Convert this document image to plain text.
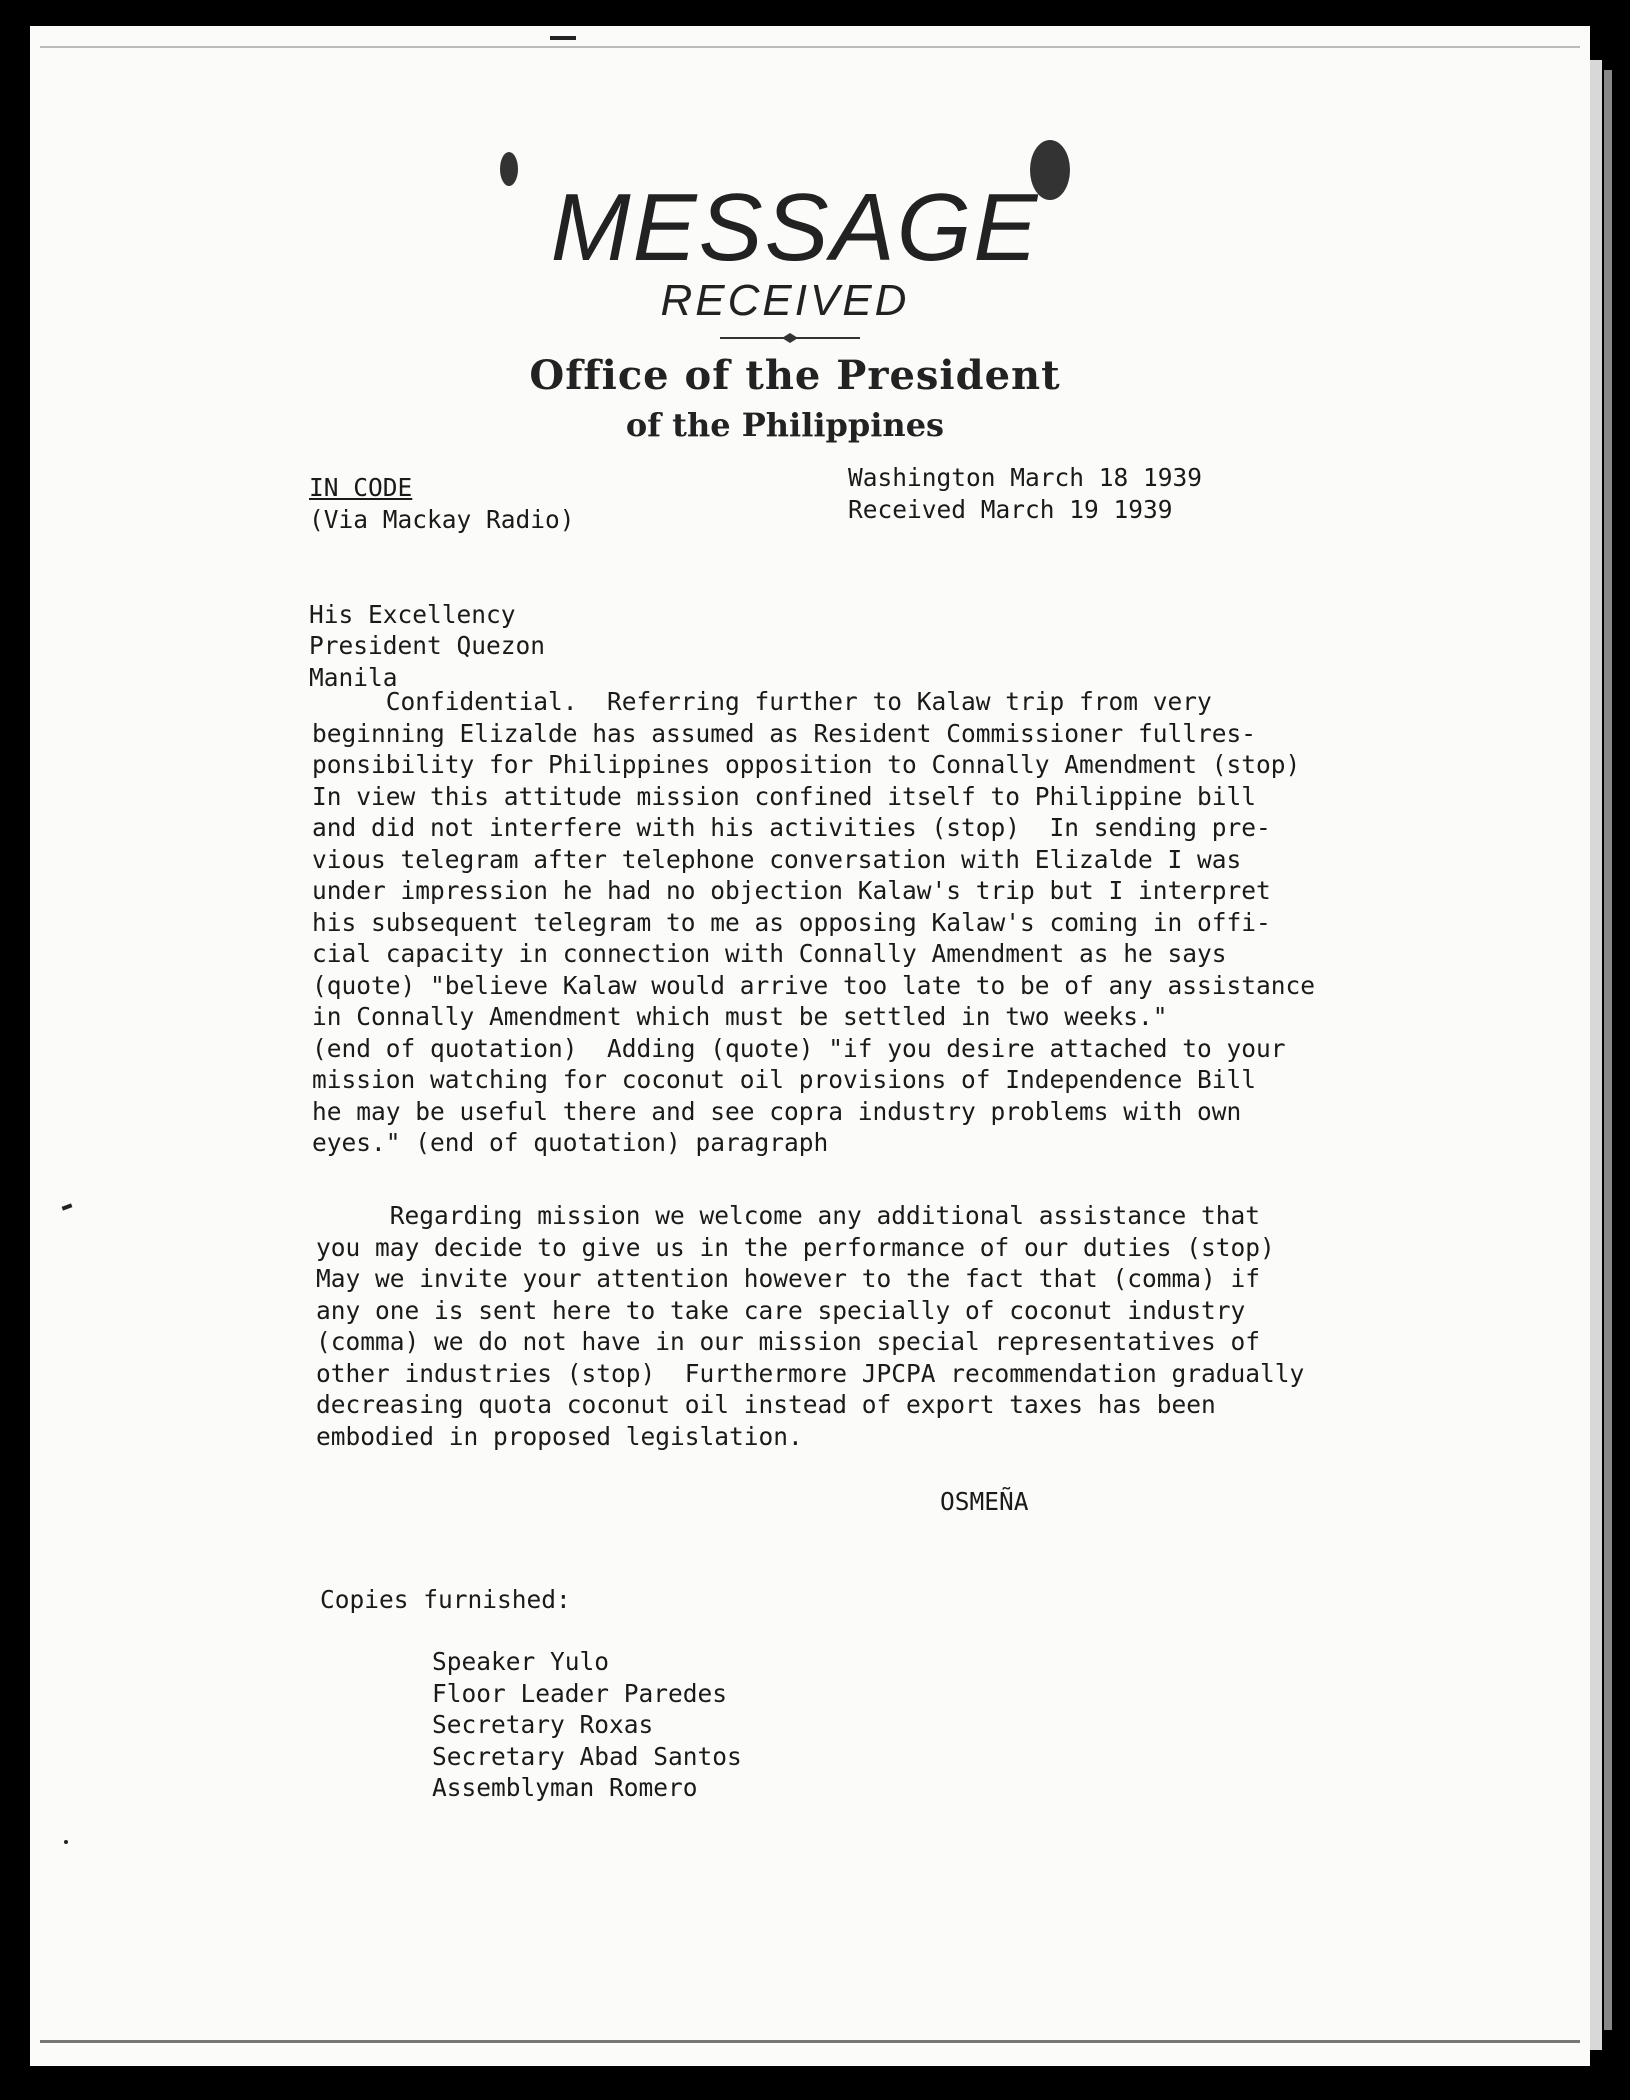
MESSAGE
RECEIVED
Office of the President
of the Philippines
IN CODE
(Via Mackay Radio)
Washington March 18 1939
Received March 19 1939

His Excellency
President Quezon
Manila
Confidential.  Referring further to Kalaw trip from very
beginning Elizalde has assumed as Resident Commissioner fullres-
ponsibility for Philippines opposition to Connally Amendment (stop)
In view this attitude mission confined itself to Philippine bill
and did not interfere with his activities (stop)  In sending pre-
vious telegram after telephone conversation with Elizalde I was
under impression he had no objection Kalaw's trip but I interpret
his subsequent telegram to me as opposing Kalaw's coming in offi-
cial capacity in connection with Connally Amendment as he says
(quote) "believe Kalaw would arrive too late to be of any assistance
in Connally Amendment which must be settled in two weeks."
(end of quotation)  Adding (quote) "if you desire attached to your
mission watching for coconut oil provisions of Independence Bill
he may be useful there and see copra industry problems with own
eyes." (end of quotation) paragraph
Regarding mission we welcome any additional assistance that
you may decide to give us in the performance of our duties (stop)
May we invite your attention however to the fact that (comma) if
any one is sent here to take care specially of coconut industry
(comma) we do not have in our mission special representatives of
other industries (stop)  Furthermore JPCPA recommendation gradually
decreasing quota coconut oil instead of export taxes has been
embodied in proposed legislation.
OSMEÑA
Copies furnished:
Speaker Yulo
Floor Leader Paredes
Secretary Roxas
Secretary Abad Santos
Assemblyman Romero
